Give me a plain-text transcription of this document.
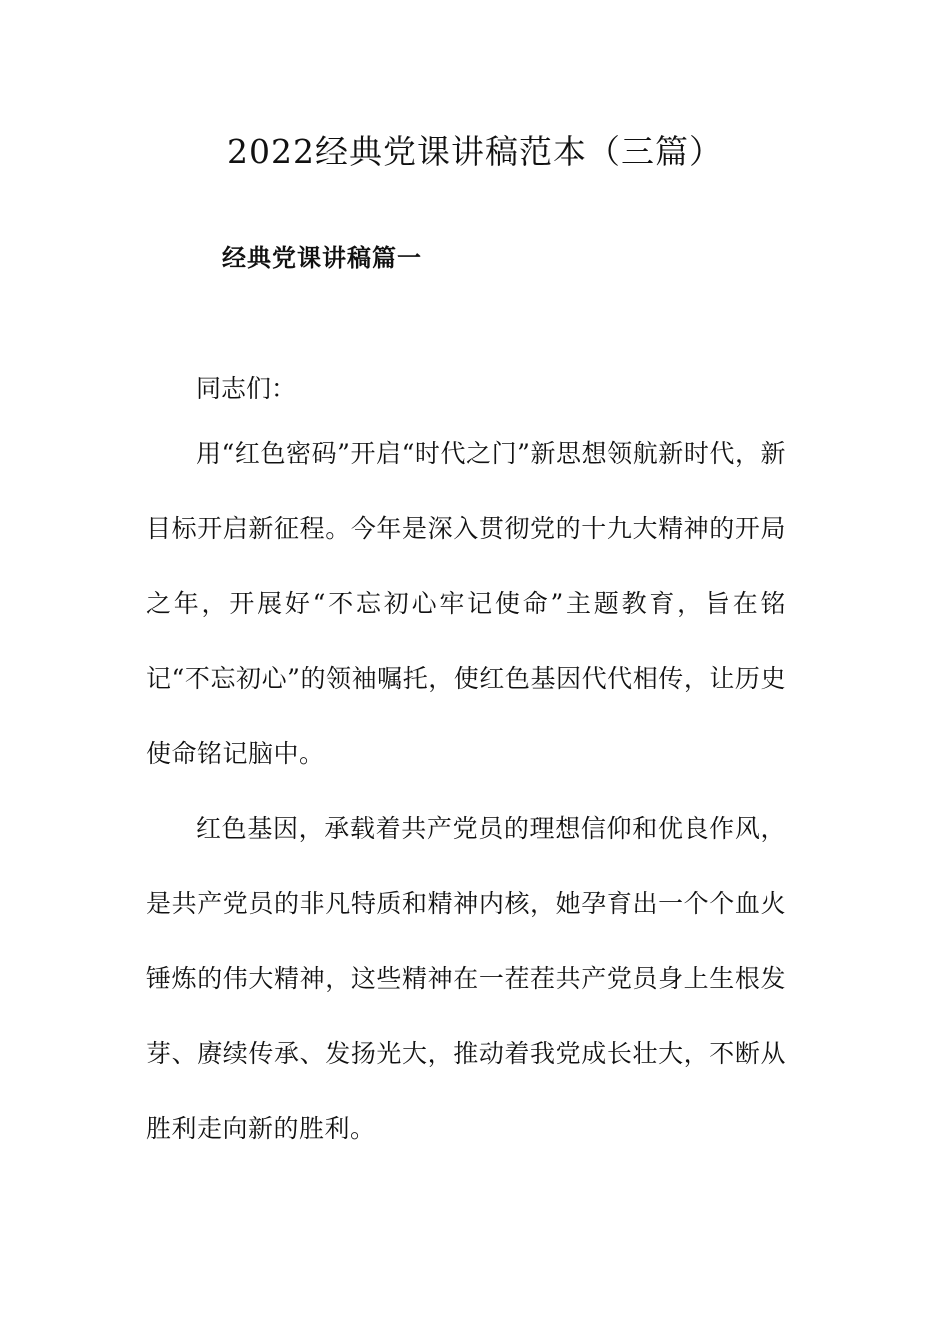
2022经典党课讲稿范本（三篇）
经典党课讲稿篇一

同志们：

用“红色密码”开启“时代之门”新思想领航新时代，新目标开启新征程。今年是深入贯彻党的十九大精神的开局之年，开展好“不忘初心牢记使命”主题教育，旨在铭记“不忘初心”的领袖嘱托，使红色基因代代相传，让历史使命铭记脑中。

红色基因，承载着共产党员的理想信仰和优良作风，是共产党员的非凡特质和精神内核，她孕育出一个个血火锤炼的伟大精神，这些精神在一茬茬共产党员身上生根发芽、赓续传承、发扬光大，推动着我党成长壮大，不断从胜利走向新的胜利。
